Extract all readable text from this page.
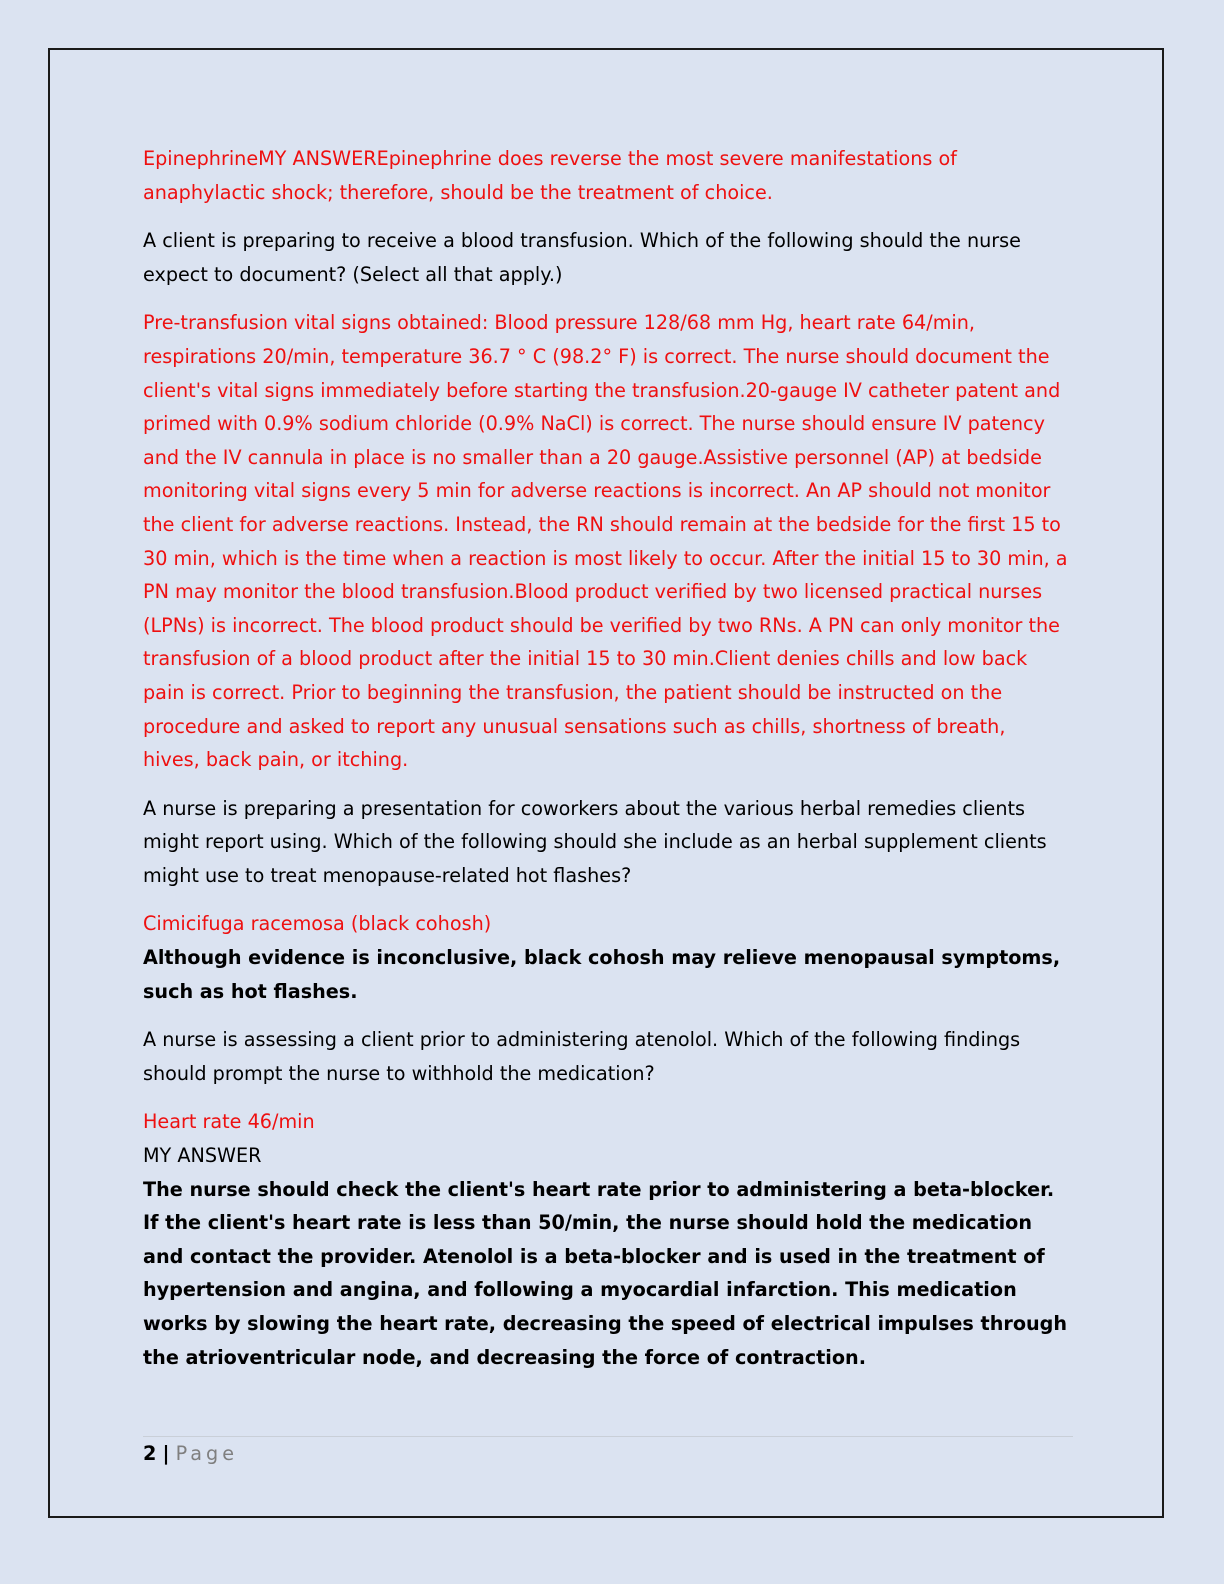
EpinephrineMY ANSWEREpinephrine does reverse the most severe manifestations of anaphylactic shock; therefore, should be the treatment of choice.

A client is preparing to receive a blood transfusion. Which of the following should the nurse expect to document? (Select all that apply.)

Pre-transfusion vital signs obtained: Blood pressure 128/68 mm Hg, heart rate 64/min, respirations 20/min, temperature 36.7 ° C (98.2° F) is correct. The nurse should document the client's vital signs immediately before starting the transfusion.20-gauge IV catheter patent and primed with 0.9% sodium chloride (0.9% NaCl) is correct. The nurse should ensure IV patency and the IV cannula in place is no smaller than a 20 gauge.Assistive personnel (AP) at bedside monitoring vital signs every 5 min for adverse reactions is incorrect. An AP should not monitor the client for adverse reactions. Instead, the RN should remain at the bedside for the first 15 to 30 min, which is the time when a reaction is most likely to occur. After the initial 15 to 30 min, a PN may monitor the blood transfusion.Blood product verified by two licensed practical nurses (LPNs) is incorrect. The blood product should be verified by two RNs. A PN can only monitor the transfusion of a blood product after the initial 15 to 30 min.Client denies chills and low back pain is correct. Prior to beginning the transfusion, the patient should be instructed on the procedure and asked to report any unusual sensations such as chills, shortness of breath, hives, back pain, or itching.

A nurse is preparing a presentation for coworkers about the various herbal remedies clients might report using. Which of the following should she include as an herbal supplement clients might use to treat menopause-related hot flashes?

Cimicifuga racemosa (black cohosh)

Although evidence is inconclusive, black cohosh may relieve menopausal symptoms, such as hot flashes.

A nurse is assessing a client prior to administering atenolol. Which of the following findings should prompt the nurse to withhold the medication?

Heart rate 46/min

MY ANSWER

The nurse should check the client's heart rate prior to administering a beta-blocker. If the client's heart rate is less than 50/min, the nurse should hold the medication and contact the provider. Atenolol is a beta-blocker and is used in the treatment of hypertension and angina, and following a myocardial infarction. This medication works by slowing the heart rate, decreasing the speed of electrical impulses through the atrioventricular node, and decreasing the force of contraction.

2 | Page
